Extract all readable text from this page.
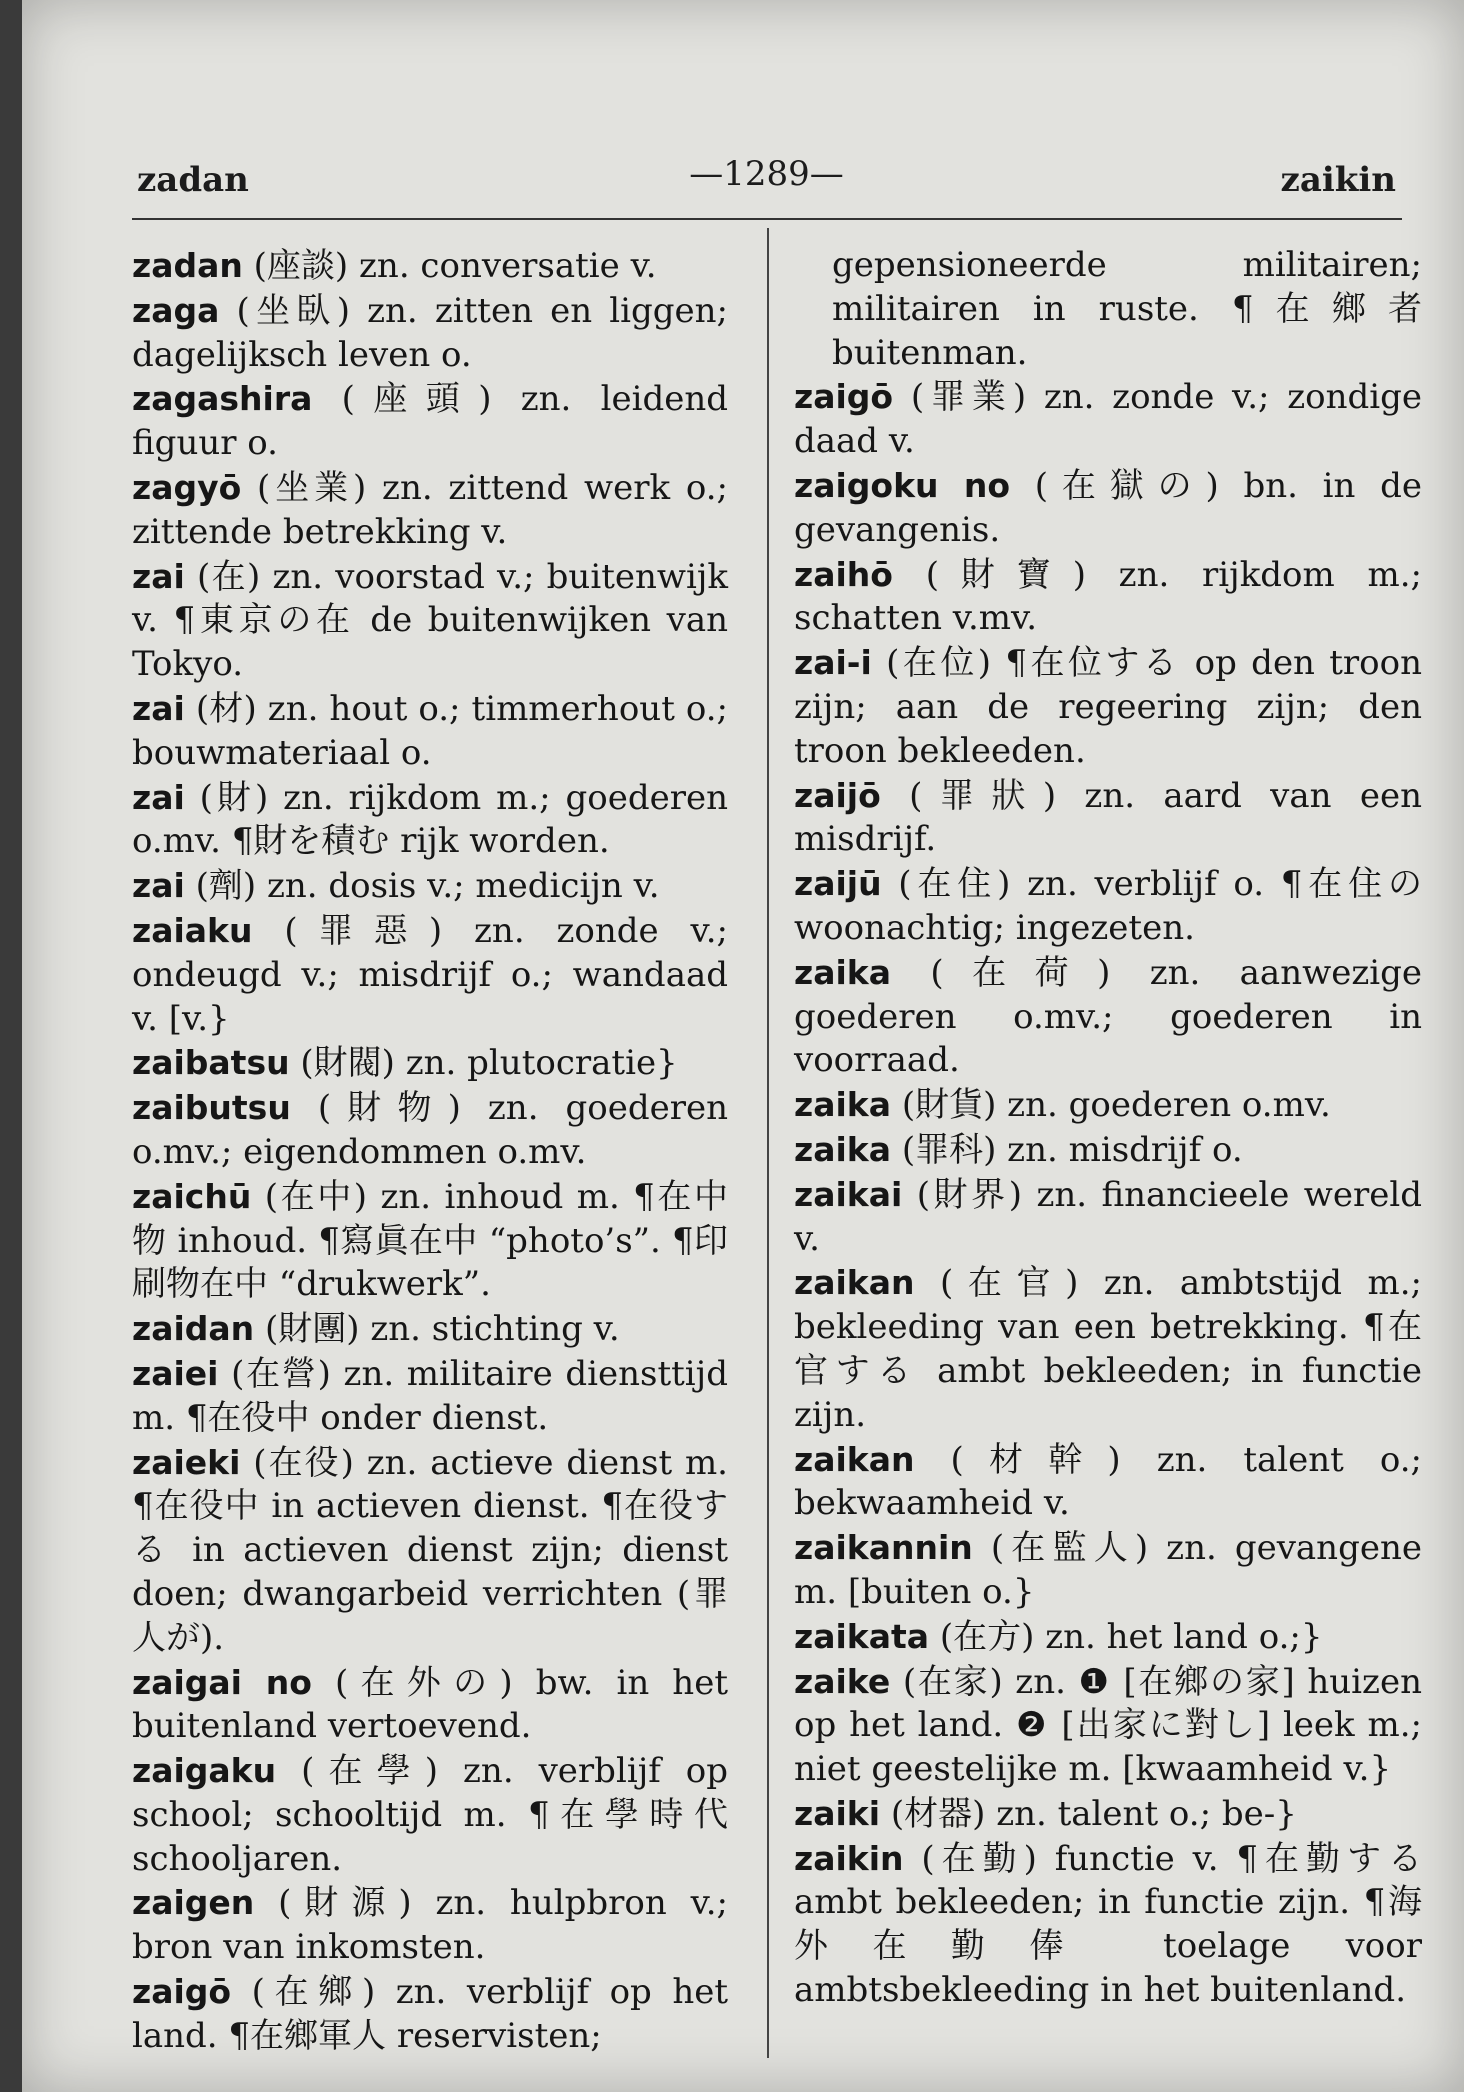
zadan	—1289—	zaikin

zadan (座談) zn. conversatie v.

zaga (坐臥) zn. zitten en liggen; dagelijksch leven o.

zagashira (座頭) zn. leidend figuur o.

zagyō (坐業) zn. zittend werk o.; zittende betrekking v.

zai (在) zn. voorstad v.; buitenwijk v. ¶東京の在 de buitenwijken van Tokyo.

zai (材) zn. hout o.; timmerhout o.; bouwmateriaal o.

zai (財) zn. rijkdom m.; goederen o.mv. ¶財を積む rijk worden.

zai (劑) zn. dosis v.; medicijn v.

zaiaku (罪惡) zn. zonde v.; ondeugd v.; misdrijf o.; wandaad v. [v.}

zaibatsu (財閥) zn. plutocratie}

zaibutsu (財物) zn. goederen o.mv.; eigendommen o.mv.

zaichū (在中) zn. inhoud m. ¶在中物 inhoud. ¶寫眞在中 “photo’s”. ¶印刷物在中 “drukwerk”.

zaidan (財團) zn. stichting v.

zaiei (在營) zn. militaire diensttijd m. ¶在役中 onder dienst.

zaieki (在役) zn. actieve dienst m. ¶在役中 in actieven dienst. ¶在役する in actieven dienst zijn; dienst doen; dwangarbeid verrichten (罪人が).

zaigai no (在外の) bw. in het buitenland vertoevend.

zaigaku (在學) zn. verblijf op school; schooltijd m. ¶在學時代 schooljaren.

zaigen (財源) zn. hulpbron v.; bron van inkomsten.

zaigō (在鄉) zn. verblijf op het land. ¶在鄉軍人 reservisten;

gepensioneerde militairen; militairen in ruste. ¶在鄉者 buitenman.

zaigō (罪業) zn. zonde v.; zondige daad v.

zaigoku no (在獄の) bn. in de gevangenis.

zaihō (財寶) zn. rijkdom m.; schatten v.mv.

zai-i (在位) ¶在位する op den troon zijn; aan de regeering zijn; den troon bekleeden.

zaijō (罪狀) zn. aard van een misdrijf.

zaijū (在住) zn. verblijf o. ¶在住の woonachtig; ingezeten.

zaika (在荷) zn. aanwezige goederen o.mv.; goederen in voorraad.

zaika (財貨) zn. goederen o.mv.

zaika (罪科) zn. misdrijf o.

zaikai (財界) zn. financieele wereld v.

zaikan (在官) zn. ambtstijd m.; bekleeding van een betrekking. ¶在官する ambt bekleeden; in functie zijn.

zaikan (材幹) zn. talent o.; bekwaamheid v.

zaikannin (在監人) zn. gevangene m. [buiten o.}

zaikata (在方) zn. het land o.;}

zaike (在家) zn. ❶ [在鄉の家] huizen op het land. ❷ [出家に對し] leek m.; niet geestelijke m. [kwaamheid v.}

zaiki (材器) zn. talent o.; be-}

zaikin (在勤) functie v. ¶在勤する ambt bekleeden; in functie zijn. ¶海外在勤俸 toelage voor ambtsbekleeding in het buitenland.
